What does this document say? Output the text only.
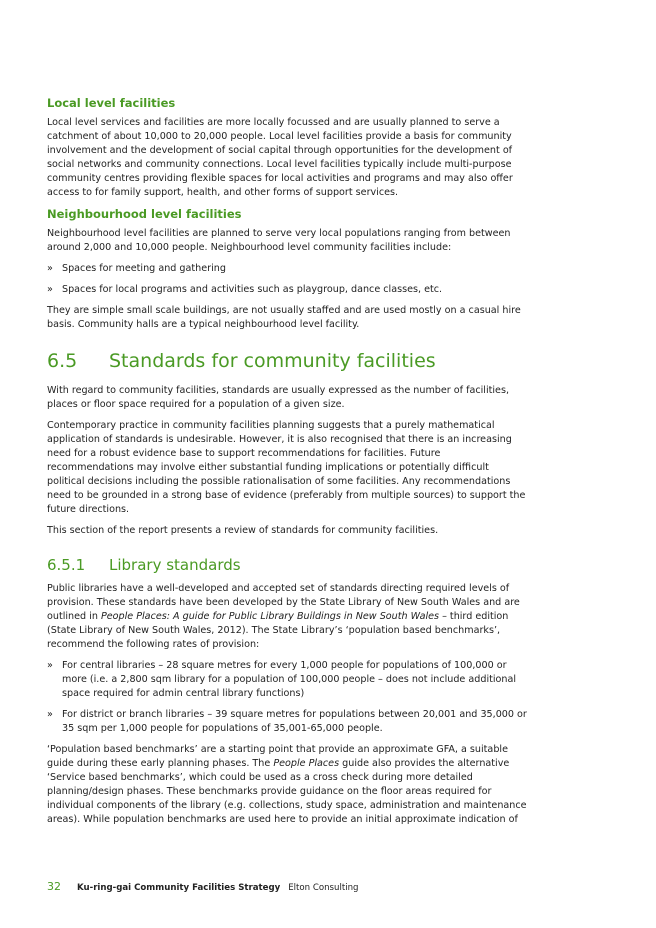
Local level facilities

Local level services and facilities are more locally focussed and are usually planned to serve a catchment of about 10,000 to 20,000 people. Local level facilities provide a basis for community involvement and the development of social capital through opportunities for the development of social networks and community connections. Local level facilities typically include multi-purpose community centres providing flexible spaces for local activities and programs and may also offer access to for family support, health, and other forms of support services.

Neighbourhood level facilities

Neighbourhood level facilities are planned to serve very local populations ranging from between around 2,000 and 10,000 people. Neighbourhood level community facilities include:

» Spaces for meeting and gathering
» Spaces for local programs and activities such as playgroup, dance classes, etc.

They are simple small scale buildings, are not usually staffed and are used mostly on a casual hire basis. Community halls are a typical neighbourhood level facility.

6.5	Standards for community facilities

With regard to community facilities, standards are usually expressed as the number of facilities, places or floor space required for a population of a given size.

Contemporary practice in community facilities planning suggests that a purely mathematical application of standards is undesirable. However, it is also recognised that there is an increasing need for a robust evidence base to support recommendations for facilities. Future recommendations may involve either substantial funding implications or potentially difficult political decisions including the possible rationalisation of some facilities. Any recommendations need to be grounded in a strong base of evidence (preferably from multiple sources) to support the future directions.

This section of the report presents a review of standards for community facilities.

6.5.1	Library standards

Public libraries have a well-developed and accepted set of standards directing required levels of provision. These standards have been developed by the State Library of New South Wales and are outlined in People Places: A guide for Public Library Buildings in New South Wales – third edition (State Library of New South Wales, 2012). The State Library’s ‘population based benchmarks’, recommend the following rates of provision:

» For central libraries – 28 square metres for every 1,000 people for populations of 100,000 or more (i.e. a 2,800 sqm library for a population of 100,000 people – does not include additional space required for admin central library functions)
» For district or branch libraries – 39 square metres for populations between 20,001 and 35,000 or 35 sqm per 1,000 people for populations of 35,001-65,000 people.

‘Population based benchmarks’ are a starting point that provide an approximate GFA, a suitable guide during these early planning phases. The People Places guide also provides the alternative ‘Service based benchmarks’, which could be used as a cross check during more detailed planning/design phases. These benchmarks provide guidance on the floor areas required for individual components of the library (e.g. collections, study space, administration and maintenance areas). While population benchmarks are used here to provide an initial approximate indication of

32	Ku-ring-gai Community Facilities Strategy Elton Consulting
